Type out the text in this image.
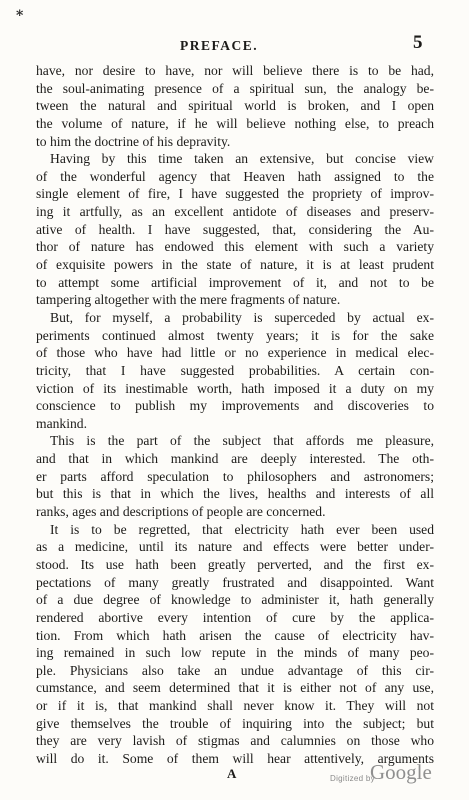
⁎
PREFACE.	5
have, nor desire to have, nor will believe there is to be had,
the soul-animating presence of a spiritual sun, the analogy be-
tween the natural and spiritual world is broken, and I open
the volume of nature, if he will believe nothing else, to preach
to him the doctrine of his depravity.
Having by this time taken an extensive, but concise view
of the wonderful agency that Heaven hath assigned to the
single element of fire, I have suggested the propriety of improv-
ing it artfully, as an excellent antidote of diseases and preserv-
ative of health. I have suggested, that, considering the Au-
thor of nature has endowed this element with such a variety
of exquisite powers in the state of nature, it is at least prudent
to attempt some artificial improvement of it, and not to be
tampering altogether with the mere fragments of nature.
But, for myself, a probability is superceded by actual ex-
periments continued almost twenty years; it is for the sake
of those who have had little or no experience in medical elec-
tricity, that I have suggested probabilities. A certain con-
viction of its inestimable worth, hath imposed it a duty on my
conscience to publish my improvements and discoveries to
mankind.
This is the part of the subject that affords me pleasure,
and that in which mankind are deeply interested. The oth-
er parts afford speculation to philosophers and astronomers;
but this is that in which the lives, healths and interests of all
ranks, ages and descriptions of people are concerned.
It is to be regretted, that electricity hath ever been used
as a medicine, until its nature and effects were better under-
stood. Its use hath been greatly perverted, and the first ex-
pectations of many greatly frustrated and disappointed. Want
of a due degree of knowledge to administer it, hath generally
rendered abortive every intention of cure by the applica-
tion. From which hath arisen the cause of electricity hav-
ing remained in such low repute in the minds of many peo-
ple. Physicians also take an undue advantage of this cir-
cumstance, and seem determined that it is either not of any use,
or if it is, that mankind shall never know it. They will not
give themselves the trouble of inquiring into the subject; but
they are very lavish of stigmas and calumnies on those who
will do it. Some of them will hear attentively, arguments
A	Digitized by
Google
